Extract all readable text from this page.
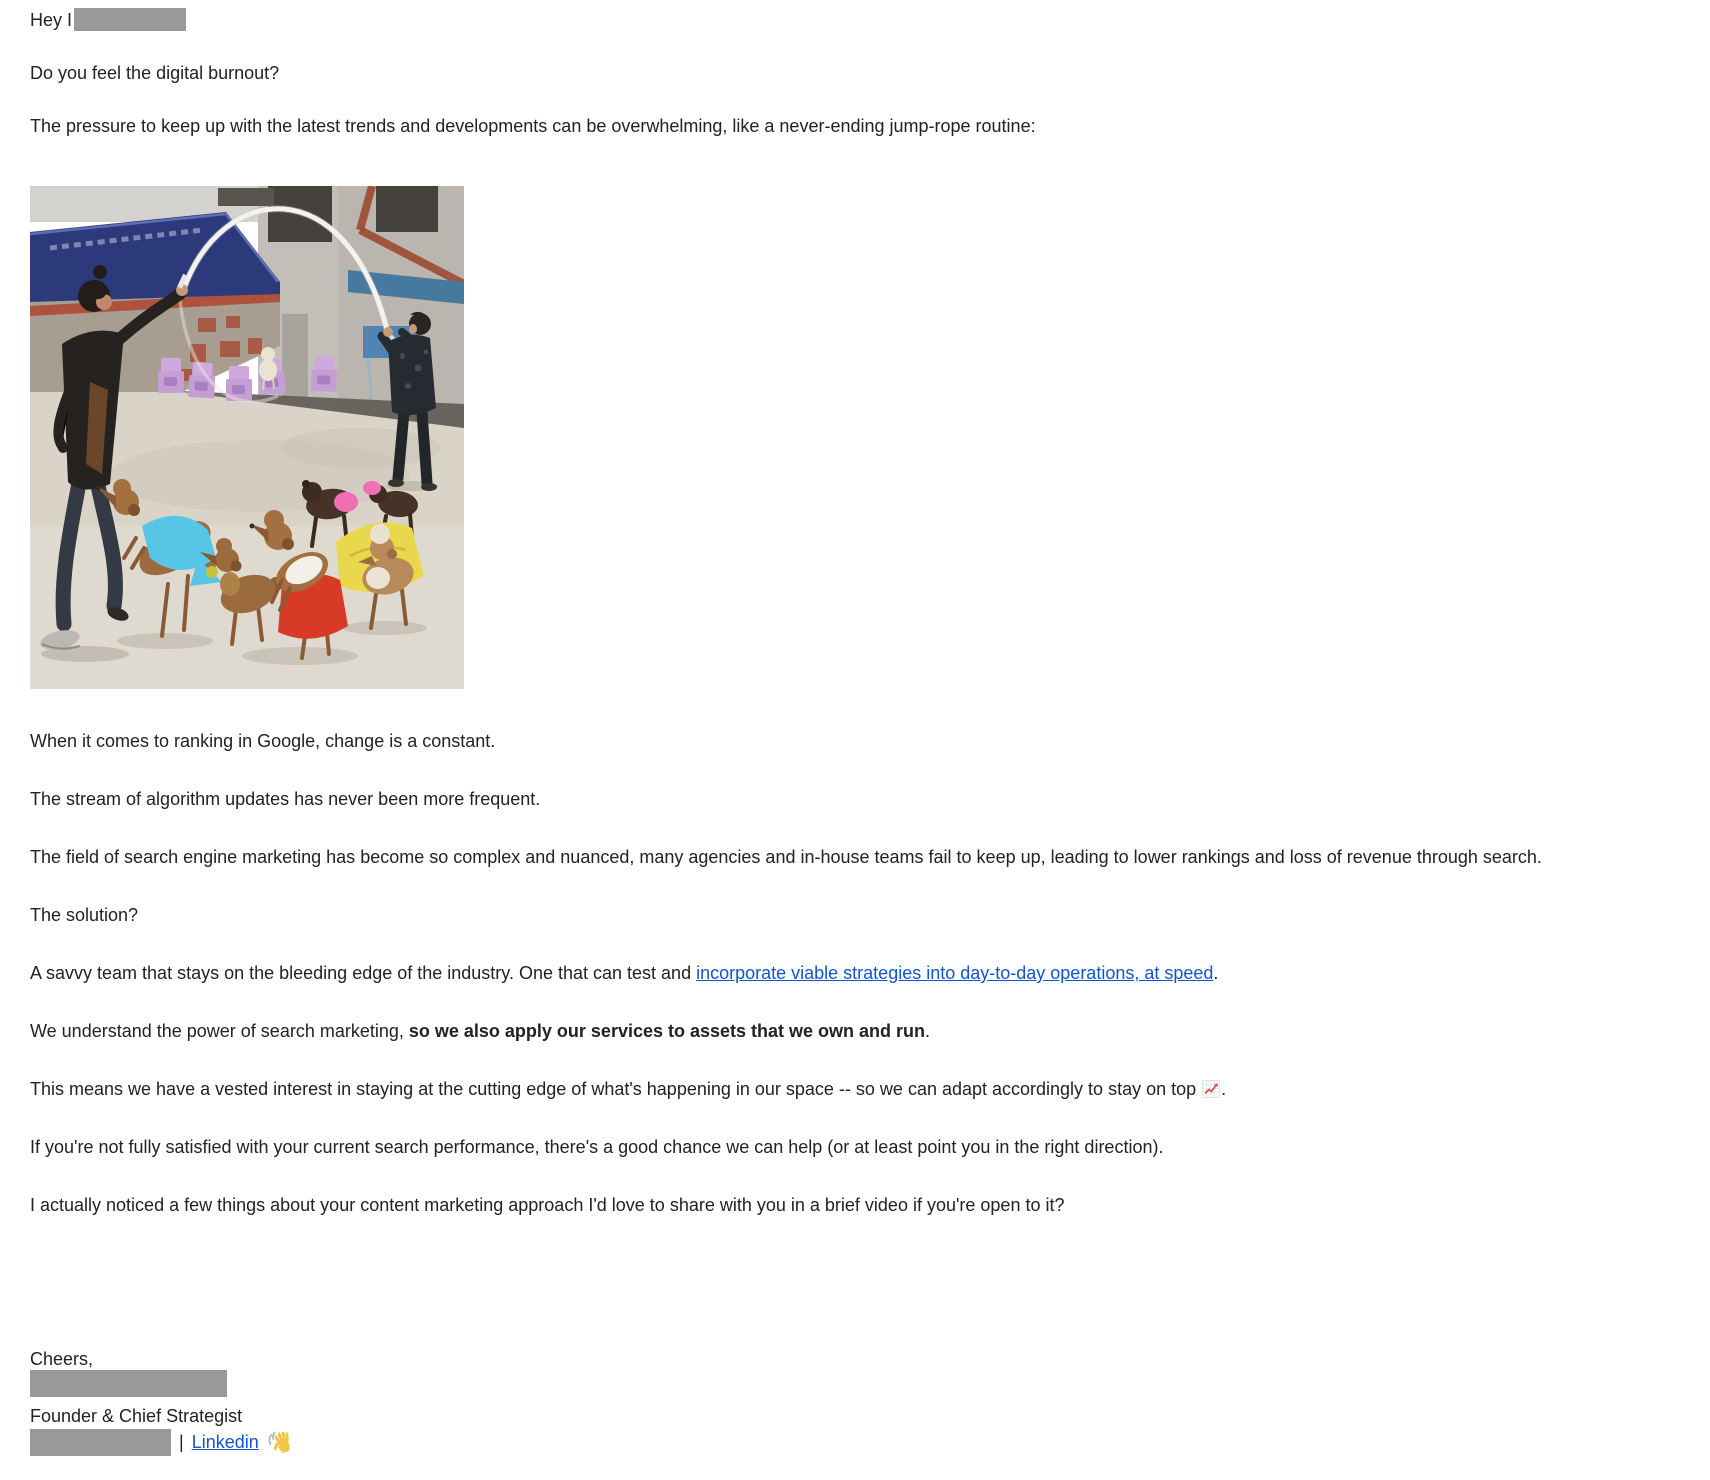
Hey I

Do you feel the digital burnout?

The pressure to keep up with the latest trends and developments can be overwhelming, like a never-ending jump-rope routine:

When it comes to ranking in Google, change is a constant.

The stream of algorithm updates has never been more frequent.

The field of search engine marketing has become so complex and nuanced, many agencies and in-house teams fail to keep up, leading to lower rankings and loss of revenue through search.

The solution?

A savvy team that stays on the bleeding edge of the industry. One that can test and incorporate viable strategies into day-to-day operations, at speed.

We understand the power of search marketing, so we also apply our services to assets that we own and run.

This means we have a vested interest in staying at the cutting edge of what's happening in our space -- so we can adapt accordingly to stay on top .

If you're not fully satisfied with your current search performance, there's a good chance we can help (or at least point you in the right direction).

I actually noticed a few things about your content marketing approach I'd love to share with you in a brief video if you're open to it?

Cheers,
Founder & Chief Strategist
| Linkedin
